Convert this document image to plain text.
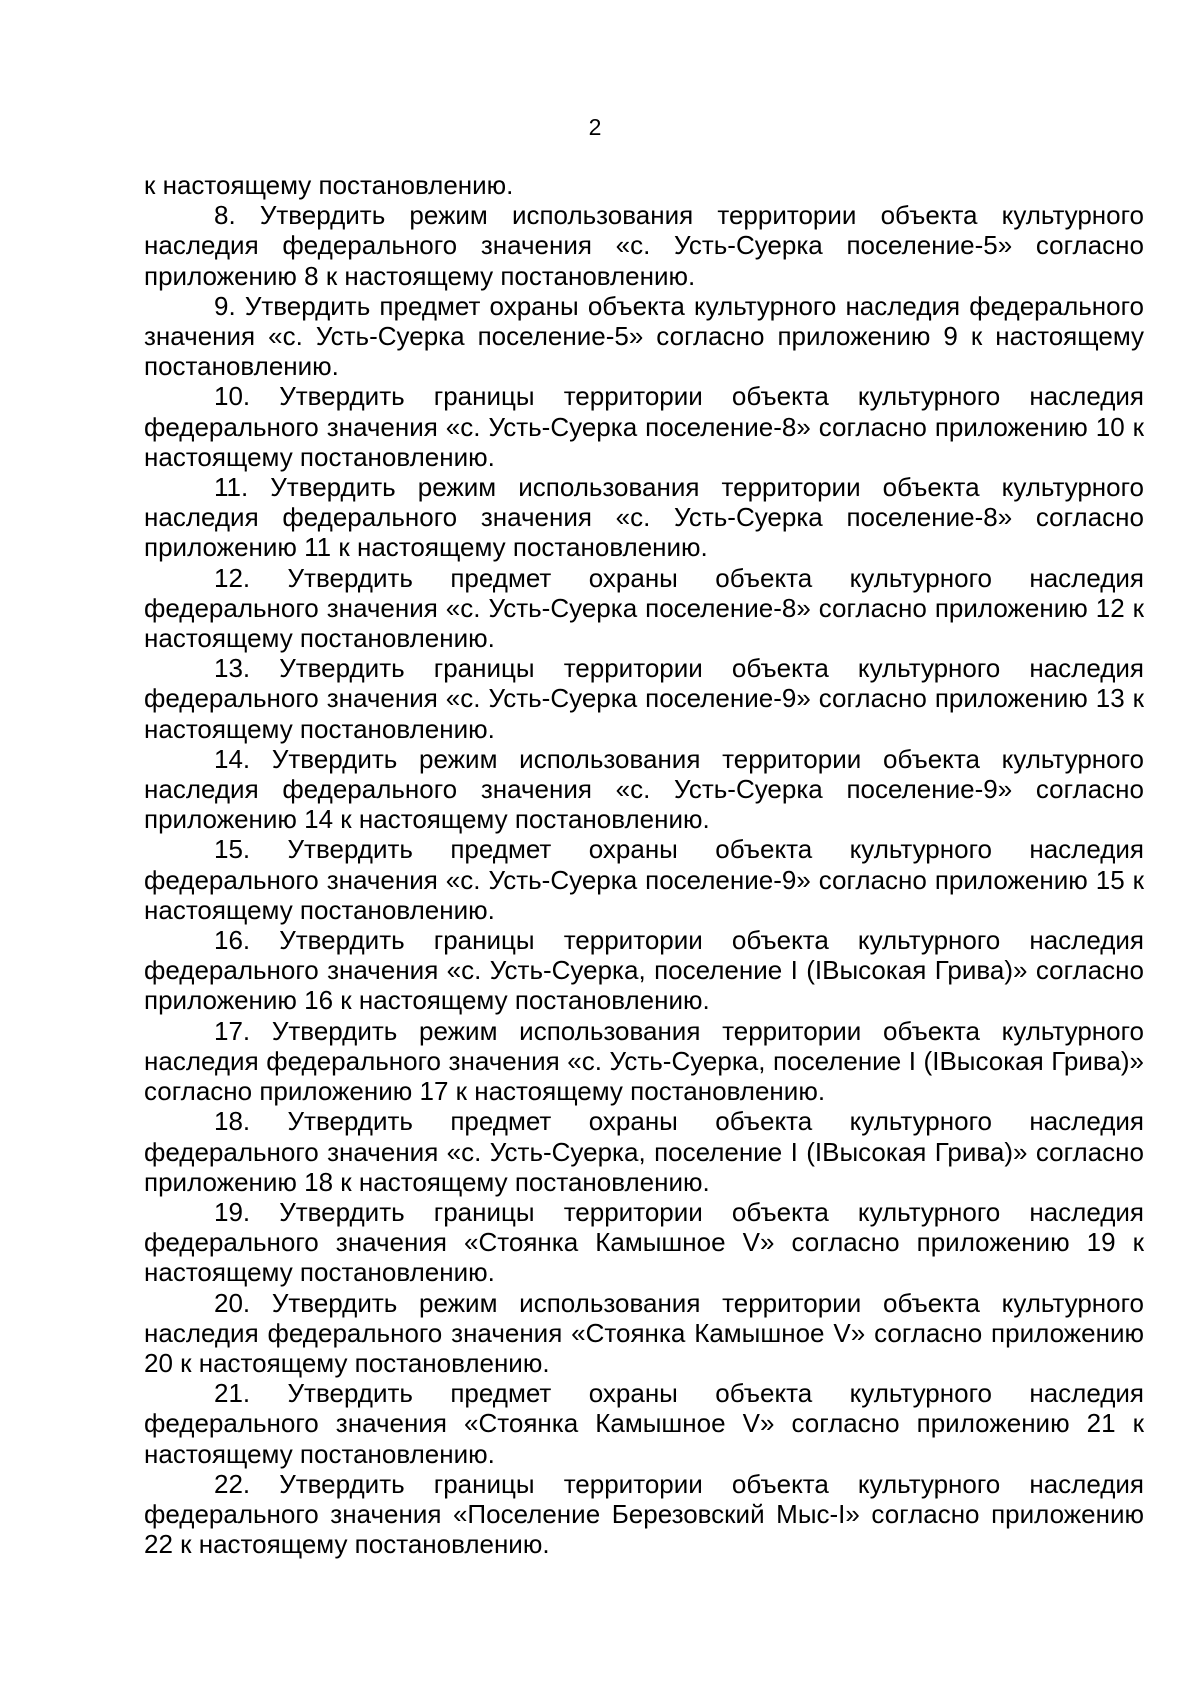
2

к настоящему постановлению.

8. Утвердить режим использования территории объекта культурного наследия федерального значения «с. Усть-Суерка поселение-5» согласно приложению 8 к настоящему постановлению.

9. Утвердить предмет охраны объекта культурного наследия федерального значения «с. Усть-Суерка поселение-5» согласно приложению 9 к настоящему постановлению.

10. Утвердить границы территории объекта культурного наследия федерального значения «с. Усть-Суерка поселение-8» согласно приложению 10 к настоящему постановлению.

11. Утвердить режим использования территории объекта культурного наследия федерального значения «с. Усть-Суерка поселение-8» согласно приложению 11 к настоящему постановлению.

12. Утвердить предмет охраны объекта культурного наследия федерального значения «с. Усть-Суерка поселение-8» согласно приложению 12 к настоящему постановлению.

13. Утвердить границы территории объекта культурного наследия федерального значения «с. Усть-Суерка поселение-9» согласно приложению 13 к настоящему постановлению.

14. Утвердить режим использования территории объекта культурного наследия федерального значения «с. Усть-Суерка поселение-9» согласно приложению 14 к настоящему постановлению.

15. Утвердить предмет охраны объекта культурного наследия федерального значения «с. Усть-Суерка поселение-9» согласно приложению 15 к настоящему постановлению.

16. Утвердить границы территории объекта культурного наследия федерального значения «с. Усть-Суерка, поселение I (IВысокая Грива)» согласно приложению 16 к настоящему постановлению.

17. Утвердить режим использования территории объекта культурного наследия федерального значения «с. Усть-Суерка, поселение I (IВысокая Грива)» согласно приложению 17 к настоящему постановлению.

18. Утвердить предмет охраны объекта культурного наследия федерального значения «с. Усть-Суерка, поселение I (IВысокая Грива)» согласно приложению 18 к настоящему постановлению.

19. Утвердить границы территории объекта культурного наследия федерального значения «Стоянка Камышное V» согласно приложению 19 к настоящему постановлению.

20. Утвердить режим использования территории объекта культурного наследия федерального значения «Стоянка Камышное V» согласно приложению 20 к настоящему постановлению.

21. Утвердить предмет охраны объекта культурного наследия федерального значения «Стоянка Камышное V» согласно приложению 21 к настоящему постановлению.

22. Утвердить границы территории объекта культурного наследия федерального значения «Поселение Березовский Мыс-I» согласно приложению 22 к настоящему постановлению.
